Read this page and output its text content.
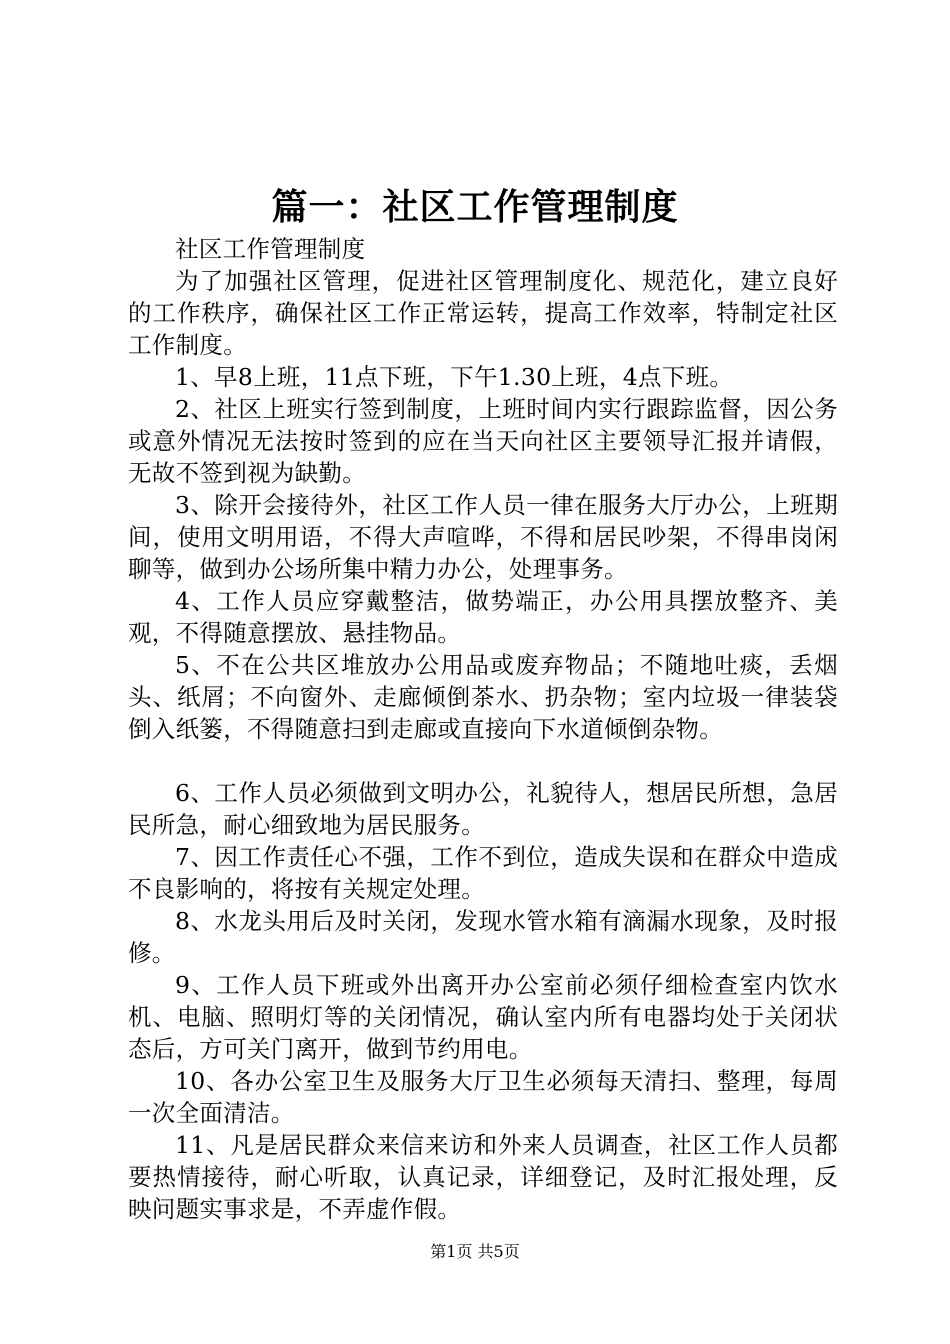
篇一：社区工作管理制度

社区工作管理制度

为了加强社区管理，促进社区管理制度化、规范化，建立良好的工作秩序，确保社区工作正常运转，提高工作效率，特制定社区工作制度。

1、早8上班，11点下班，下午1.30上班，4点下班。

2、社区上班实行签到制度，上班时间内实行跟踪监督，因公务或意外情况无法按时签到的应在当天向社区主要领导汇报并请假，无故不签到视为缺勤。

3、除开会接待外，社区工作人员一律在服务大厅办公，上班期间，使用文明用语，不得大声喧哗，不得和居民吵架，不得串岗闲聊等，做到办公场所集中精力办公，处理事务。

4、工作人员应穿戴整洁，做势端正，办公用具摆放整齐、美观，不得随意摆放、悬挂物品。

5、不在公共区堆放办公用品或废弃物品；不随地吐痰，丢烟头、纸屑；不向窗外、走廊倾倒茶水、扔杂物；室内垃圾一律装袋倒入纸篓，不得随意扫到走廊或直接向下水道倾倒杂物。

6、工作人员必须做到文明办公，礼貌待人，想居民所想，急居民所急，耐心细致地为居民服务。

7、因工作责任心不强，工作不到位，造成失误和在群众中造成不良影响的，将按有关规定处理。

8、水龙头用后及时关闭，发现水管水箱有滴漏水现象，及时报修。

9、工作人员下班或外出离开办公室前必须仔细检查室内饮水机、电脑、照明灯等的关闭情况，确认室内所有电器均处于关闭状态后，方可关门离开，做到节约用电。

10、各办公室卫生及服务大厅卫生必须每天清扫、整理，每周一次全面清洁。

11、凡是居民群众来信来访和外来人员调查，社区工作人员都要热情接待，耐心听取，认真记录，详细登记，及时汇报处理，反映问题实事求是，不弄虚作假。

第1页 共5页
